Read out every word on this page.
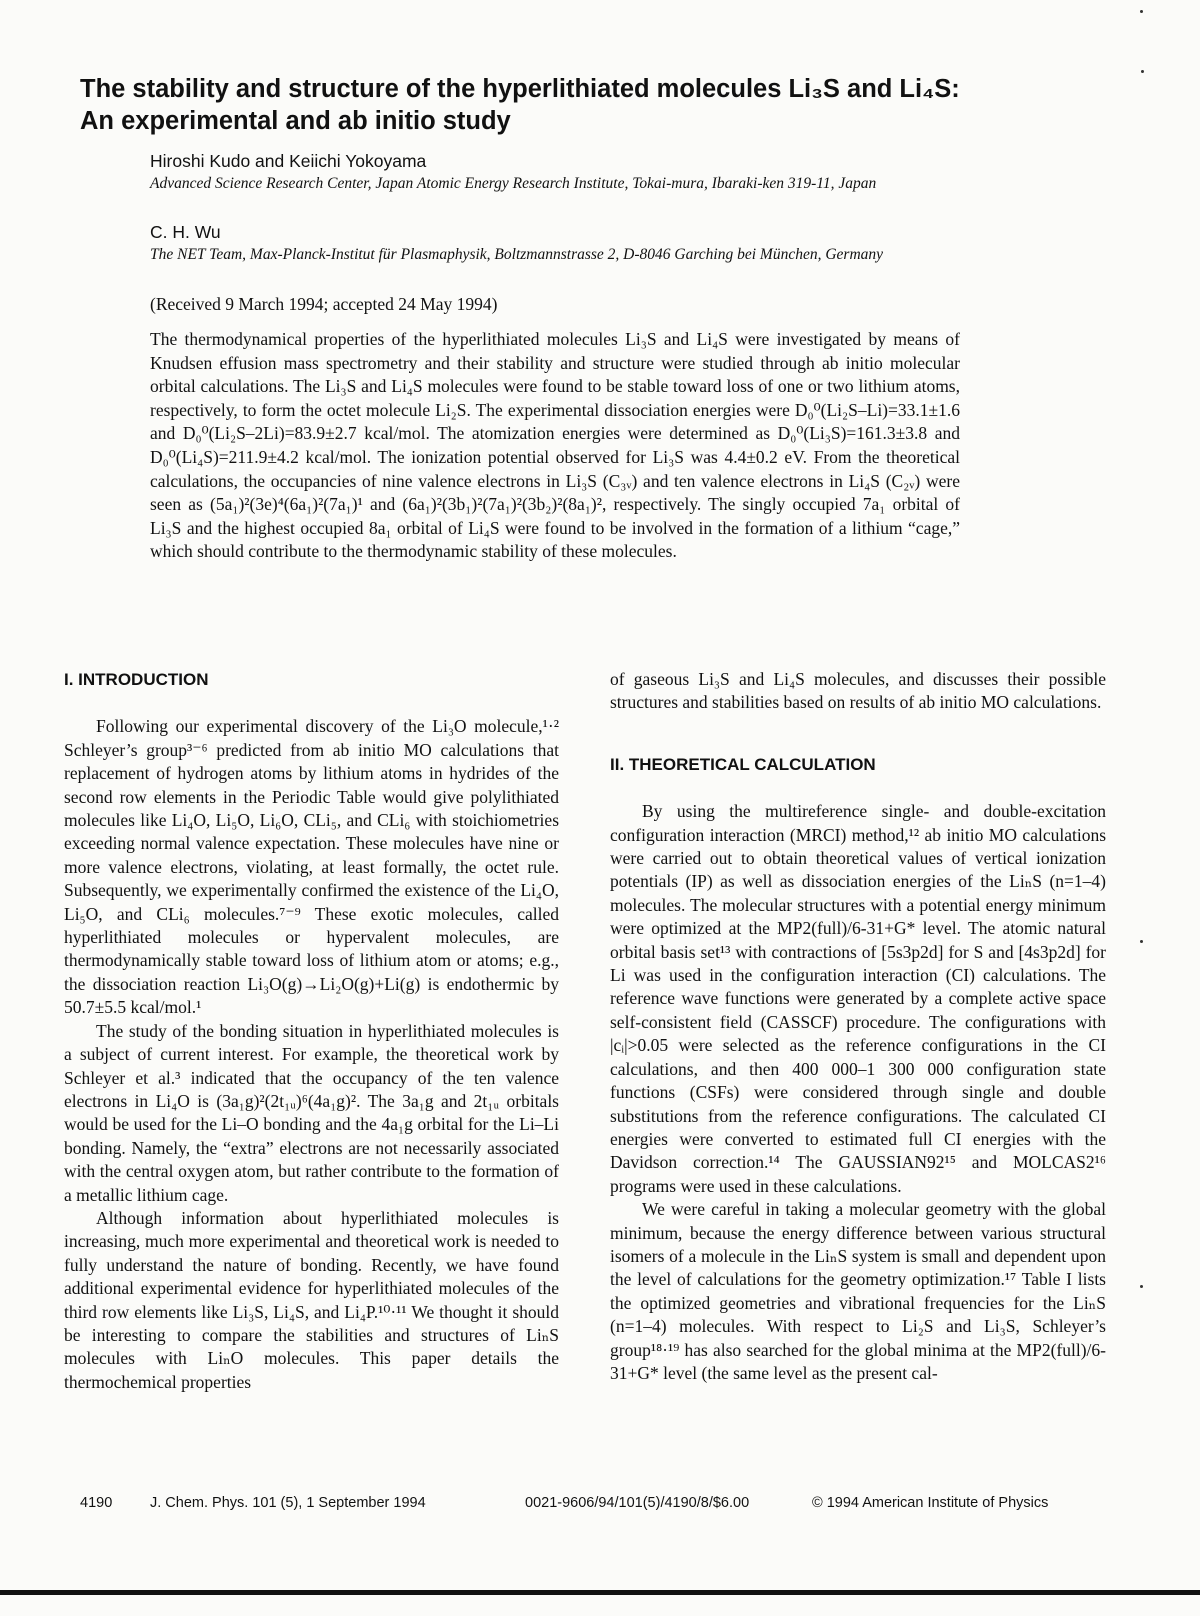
The stability and structure of the hyperlithiated molecules Li₃S and Li₄S:
An experimental and ab initio study
Hiroshi Kudo and Keiichi Yokoyama
Advanced Science Research Center, Japan Atomic Energy Research Institute, Tokai-mura, Ibaraki-ken 319-11, Japan
C. H. Wu
The NET Team, Max-Planck-Institut für Plasmaphysik, Boltzmannstrasse 2, D-8046 Garching bei München, Germany
(Received 9 March 1994; accepted 24 May 1994)

The thermodynamical properties of the hyperlithiated molecules Li₃S and Li₄S were investigated by means of Knudsen effusion mass spectrometry and their stability and structure were studied through ab initio molecular orbital calculations. The Li₃S and Li₄S molecules were found to be stable toward loss of one or two lithium atoms, respectively, to form the octet molecule Li₂S. The experimental dissociation energies were D₀⁰(Li₂S–Li)=33.1±1.6 and D₀⁰(Li₂S–2Li)=83.9±2.7 kcal/mol. The atomization energies were determined as D₀⁰(Li₃S)=161.3±3.8 and D₀⁰(Li₄S)=211.9±4.2 kcal/mol. The ionization potential observed for Li₃S was 4.4±0.2 eV. From the theoretical calculations, the occupancies of nine valence electrons in Li₃S (C₃ᵥ) and ten valence electrons in Li₄S (C₂ᵥ) were seen as (5a₁)²(3e)⁴(6a₁)²(7a₁)¹ and (6a₁)²(3b₁)²(7a₁)²(3b₂)²(8a₁)², respectively. The singly occupied 7a₁ orbital of Li₃S and the highest occupied 8a₁ orbital of Li₄S were found to be involved in the formation of a lithium “cage,” which should contribute to the thermodynamic stability of these molecules.

I. INTRODUCTION

Following our experimental discovery of the Li₃O molecule,¹·² Schleyer’s group³⁻⁶ predicted from ab initio MO calculations that replacement of hydrogen atoms by lithium atoms in hydrides of the second row elements in the Periodic Table would give polylithiated molecules like Li₄O, Li₅O, Li₆O, CLi₅, and CLi₆ with stoichiometries exceeding normal valence expectation. These molecules have nine or more valence electrons, violating, at least formally, the octet rule. Subsequently, we experimentally confirmed the existence of the Li₄O, Li₅O, and CLi₆ molecules.⁷⁻⁹ These exotic molecules, called hyperlithiated molecules or hypervalent molecules, are thermodynamically stable toward loss of lithium atom or atoms; e.g., the dissociation reaction Li₃O(g)→Li₂O(g)+Li(g) is endothermic by 50.7±5.5 kcal/mol.¹

The study of the bonding situation in hyperlithiated molecules is a subject of current interest. For example, the theoretical work by Schleyer et al.³ indicated that the occupancy of the ten valence electrons in Li₄O is (3a₁g)²(2t₁ᵤ)⁶(4a₁g)². The 3a₁g and 2t₁ᵤ orbitals would be used for the Li–O bonding and the 4a₁g orbital for the Li–Li bonding. Namely, the “extra” electrons are not necessarily associated with the central oxygen atom, but rather contribute to the formation of a metallic lithium cage.

Although information about hyperlithiated molecules is increasing, much more experimental and theoretical work is needed to fully understand the nature of bonding. Recently, we have found additional experimental evidence for hyperlithiated molecules of the third row elements like Li₃S, Li₄S, and Li₄P.¹⁰·¹¹ We thought it should be interesting to compare the stabilities and structures of LiₙS molecules with LiₙO molecules. This paper details the thermochemical properties

of gaseous Li₃S and Li₄S molecules, and discusses their possible structures and stabilities based on results of ab initio MO calculations.

II. THEORETICAL CALCULATION

By using the multireference single- and double-excitation configuration interaction (MRCI) method,¹² ab initio MO calculations were carried out to obtain theoretical values of vertical ionization potentials (IP) as well as dissociation energies of the LiₙS (n=1–4) molecules. The molecular structures with a potential energy minimum were optimized at the MP2(full)/6-31+G* level. The atomic natural orbital basis set¹³ with contractions of [5s3p2d] for S and [4s3p2d] for Li was used in the configuration interaction (CI) calculations. The reference wave functions were generated by a complete active space self-consistent field (CASSCF) procedure. The configurations with |cᵢ|>0.05 were selected as the reference configurations in the CI calculations, and then 400 000–1 300 000 configuration state functions (CSFs) were considered through single and double substitutions from the reference configurations. The calculated CI energies were converted to estimated full CI energies with the Davidson correction.¹⁴ The GAUSSIAN92¹⁵ and MOLCAS2¹⁶ programs were used in these calculations.

We were careful in taking a molecular geometry with the global minimum, because the energy difference between various structural isomers of a molecule in the LiₙS system is small and dependent upon the level of calculations for the geometry optimization.¹⁷ Table I lists the optimized geometries and vibrational frequencies for the LiₙS (n=1–4) molecules. With respect to Li₂S and Li₃S, Schleyer’s group¹⁸·¹⁹ has also searched for the global minima at the MP2(full)/6-31+G* level (the same level as the present cal-

4190	J. Chem. Phys. 101 (5), 1 September 1994	0021-9606/94/101(5)/4190/8/$6.00	© 1994 American Institute of Physics
